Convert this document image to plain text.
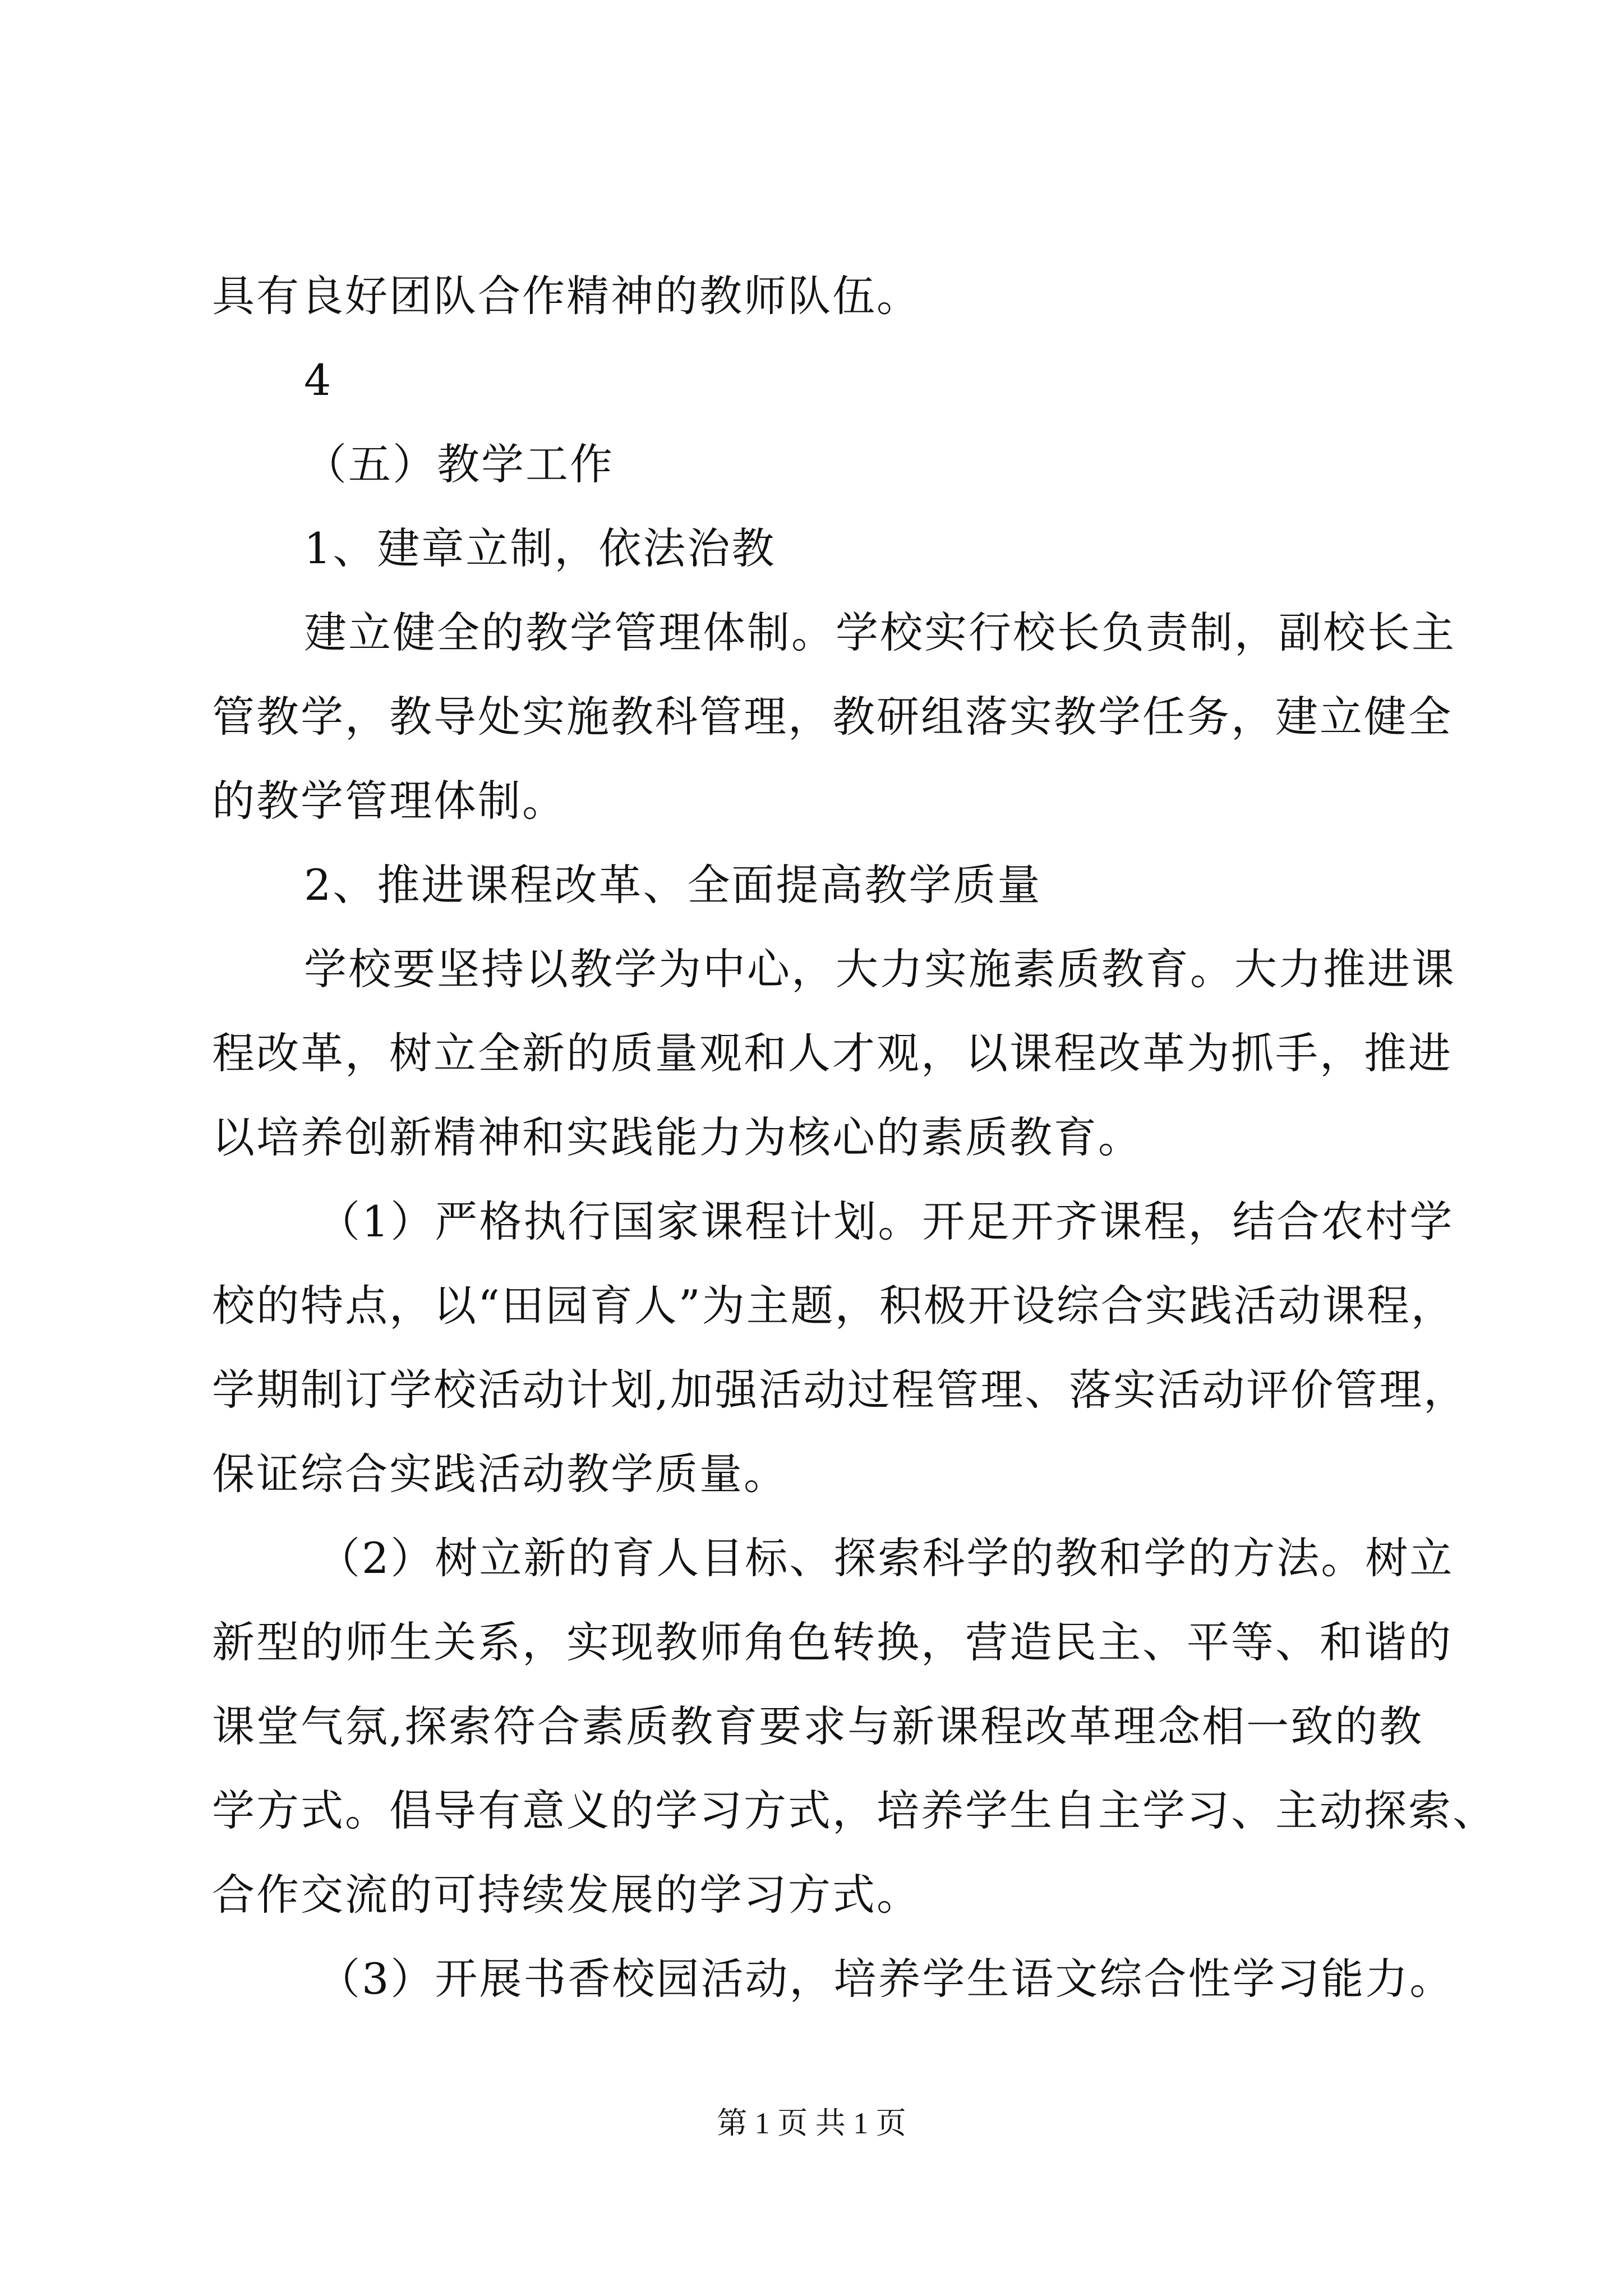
具有良好团队合作精神的教师队伍。
4
（五）教学工作
1、建章立制，依法治教
建立健全的教学管理体制。学校实行校长负责制，副校长主
管教学，教导处实施教科管理，教研组落实教学任务，建立健全
的教学管理体制。
2、推进课程改革、全面提高教学质量
学校要坚持以教学为中心，大力实施素质教育。大力推进课
程改革，树立全新的质量观和人才观，以课程改革为抓手，推进
以培养创新精神和实践能力为核心的素质教育。
（1）严格执行国家课程计划。开足开齐课程，结合农村学
校的特点，以“田园育人”为主题，积极开设综合实践活动课程，
学期制订学校活动计划,加强活动过程管理、落实活动评价管理，
保证综合实践活动教学质量。
（2）树立新的育人目标、探索科学的教和学的方法。树立
新型的师生关系，实现教师角色转换，营造民主、平等、和谐的
课堂气氛,探索符合素质教育要求与新课程改革理念相一致的教
学方式。倡导有意义的学习方式，培养学生自主学习、主动探索、
合作交流的可持续发展的学习方式。
（3）开展书香校园活动，培养学生语文综合性学习能力。
第 1 页 共 1 页
